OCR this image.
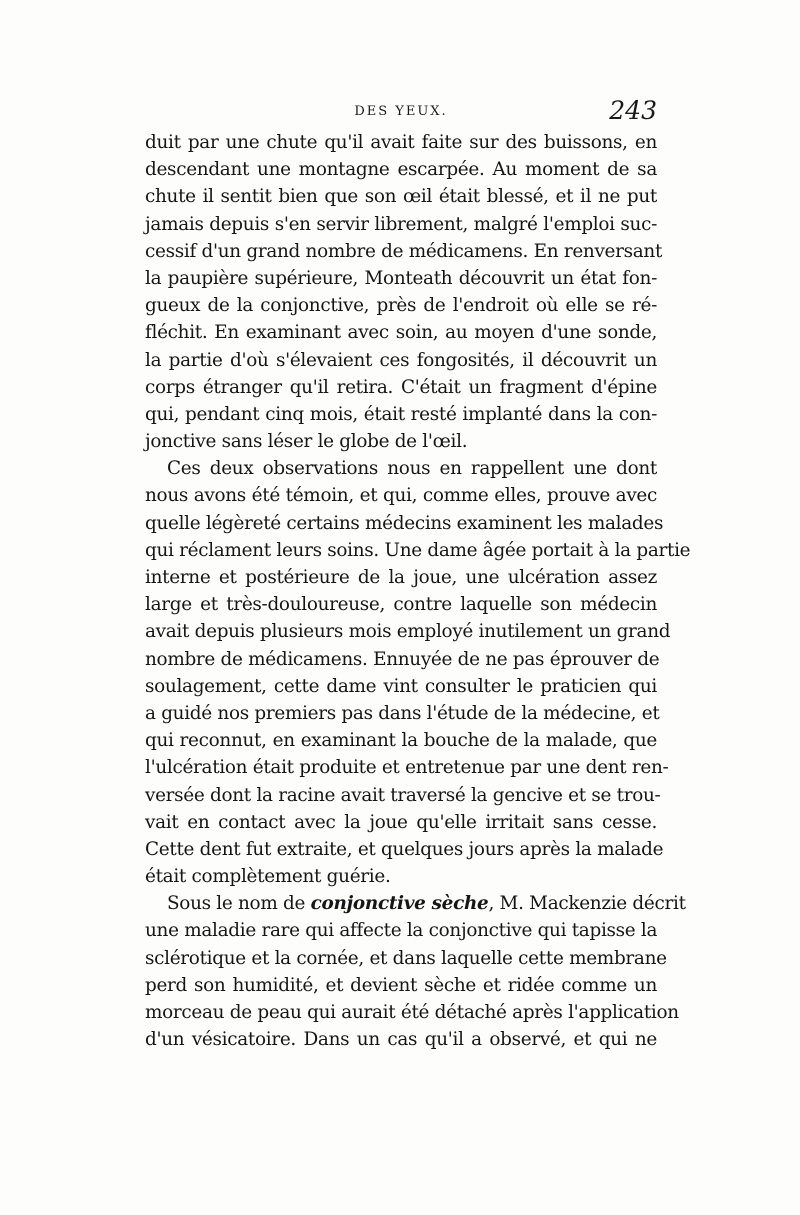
DES YEUX.	243
duit par une chute qu'il avait faite sur des buissons, en
descendant une montagne escarpée. Au moment de sa
chute il sentit bien que son œil était blessé, et il ne put
jamais depuis s'en servir librement, malgré l'emploi suc-
cessif d'un grand nombre de médicamens. En renversant
la paupière supérieure, Monteath découvrit un état fon-
gueux de la conjonctive, près de l'endroit où elle se ré-
fléchit. En examinant avec soin, au moyen d'une sonde,
la partie d'où s'élevaient ces fongosités, il découvrit un
corps étranger qu'il retira. C'était un fragment d'épine
qui, pendant cinq mois, était resté implanté dans la con-
jonctive sans léser le globe de l'œil.
Ces deux observations nous en rappellent une dont
nous avons été témoin, et qui, comme elles, prouve avec
quelle légèreté certains médecins examinent les malades
qui réclament leurs soins. Une dame âgée portait à la partie
interne et postérieure de la joue, une ulcération assez
large et très-douloureuse, contre laquelle son médecin
avait depuis plusieurs mois employé inutilement un grand
nombre de médicamens. Ennuyée de ne pas éprouver de
soulagement, cette dame vint consulter le praticien qui
a guidé nos premiers pas dans l'étude de la médecine, et
qui reconnut, en examinant la bouche de la malade, que
l'ulcération était produite et entretenue par une dent ren-
versée dont la racine avait traversé la gencive et se trou-
vait en contact avec la joue qu'elle irritait sans cesse.
Cette dent fut extraite, et quelques jours après la malade
était complètement guérie.
Sous le nom de conjonctive sèche, M. Mackenzie décrit
une maladie rare qui affecte la conjonctive qui tapisse la
sclérotique et la cornée, et dans laquelle cette membrane
perd son humidité, et devient sèche et ridée comme un
morceau de peau qui aurait été détaché après l'application
d'un vésicatoire. Dans un cas qu'il a observé, et qui ne
